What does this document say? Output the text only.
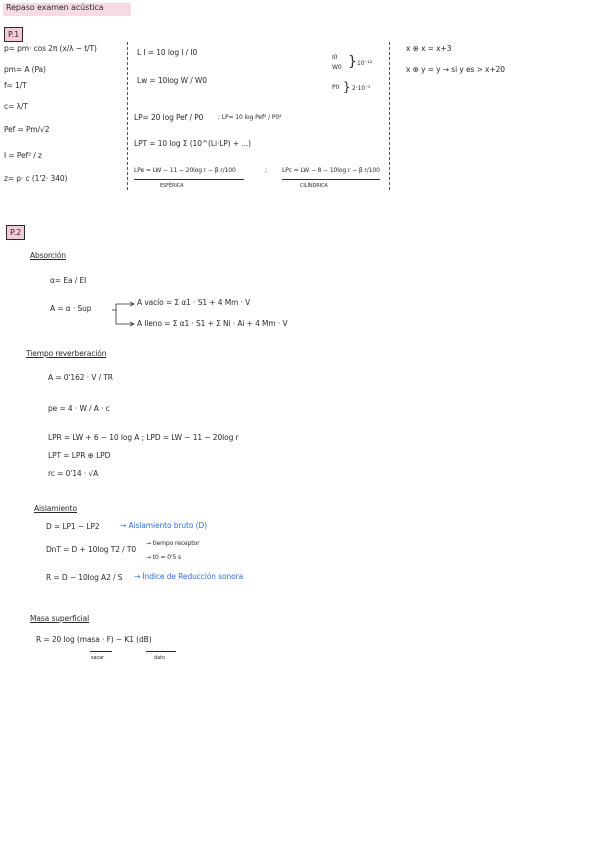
Repaso examen acústica
P.1
p= pm· cos 2π (x/λ − t/T)
pm= A (Pa)
f= 1/T
c= λ/T
Pef = Pm/√2
I = Pef² / z
z= ρ· c (1'2· 340)
L I = 10 log I / I0
Lw = 10log W / W0
LP= 20 log Pef / P0 ; LP= 10 log Pef² / P0²
LPT = 10 log Σ (10^(Li·LP) + ...)
LPe = LW − 11 − 20log r − β r/100
ESFÉRICA
;	LPc = LW − 8 − 10log r − β r/100
CILÍNDRICA
I0
W0 } 10⁻¹²
P0 } 2·10⁻⁵
x ⊕ x = x+3
x ⊕ y = y → si y es > x+20
P.2
Absorción
α= Ea / EI
A = α · Sup
A vacío = Σ α1 · S1 + 4 Mm · V
A lleno = Σ α1 · S1 + Σ Ni · Ai + 4 Mm · V
Tiempo reverberación
A = 0'162 · V / TR
pe = 4 · W / A · c
LPR = LW + 6 − 10 log A ; LPD = LW − 11 − 20log r
LPT = LPR ⊕ LPD
rc = 0'14 · √A
Aislamiento
D = LP1 − LP2	→ Aislamiento bruto (D)
DnT = D + 10log T2 / T0
→ tiempo receptor
→ t0 = 0'5 s
R = D − 10log A2 / S → Índice de Reducción sonora
Masa superficial
R = 20 log (masa · F) − K1 (dB)
sacar	dato
